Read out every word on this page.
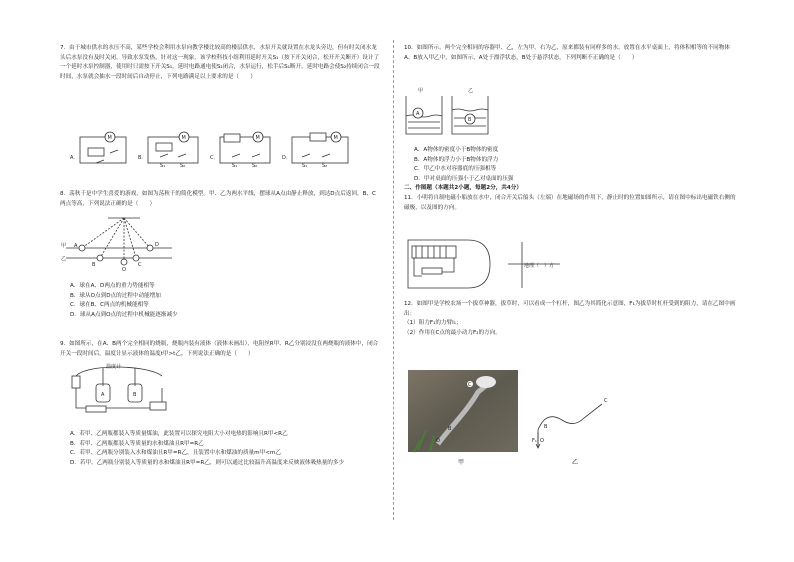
7．由于城市供水的水压不高，某些学校会利用水泵向教学楼比较高的楼层供水，水泵开关就设置在水龙头旁边，但有时关闭水龙头后水泵没有及时关闭，导致水泵发热，针对这一现象，该学校科技小组利用延时开关S₁（按下开关闭合，松开开关断开）设计了一个延时水泵控制器，使用时只需按下开关S₁，延时电路通电使S₂闭合，水泵运行，松手后S₁断开，延时电路会使S₂持续闭合一段时间，水泵就会抽水一段时间后自动停止，下列电路满足以上要求的是（　　）

A．
M
B．
M
S₁	S₂
C．
M
S₁	S₂
D．
M
S₁	S₂

8．荡秋千是中学生喜爱的游戏，如图为荡秋千的简化模型。甲、乙为两水平线，摆球从A点由静止释放，到达D点后返回，B、C两点等高，下列说法正确的是（　　）

甲
乙
A
B
O
C
D

A．球在A、D两点的重力势能相等

B．球从O点到D点的过程中动能增加

C．球在B、C两点的机械能相等

D．球从A点到O点的过程中机械能逐渐减少

9．如图所示，在A、B两个完全相同的烧瓶，烧瓶内装有液体（液体未画出），电阻丝R甲、R乙分别浸没在两烧瓶的液体中，闭合开关一段时间后，温度计显示液体的温度t甲>t乙，下列说法正确的是（　　）

温度计
A	B

A．若甲、乙两瓶都装入等质量煤油，此装置可以探究电阻大小对电热的影响且R甲<R乙

B．若甲、乙两瓶都装入等质量的水和煤油且R甲=R乙

C．若甲、乙两瓶分别装入水和煤油且R甲=R乙，且装置中水和煤油的质量m甲<m乙

D．若甲、乙两瓶分别装入等质量的水和煤油且R甲=R乙，则可以通过比较温升高温度来反映液体吸热量的多少

10．如图所示，两个完全相同的容器甲、乙，左为甲，右为乙，原来都装有同样多的水，放置在水平桌面上，将体积相等的不同物体A、B放入甲乙中，如图所示，A处于漂浮状态，B处于悬浮状态，下列判断不正确的是（　　）

甲	乙
A
B

A．A物体的密度小于B物体的密度

B．A物体的浮力小于B物体的浮力

C．甲乙中水对容器底的压强相等

D．甲对桌面的压强小于乙对桌面的压强

二、作图题（本题共2小题，每题2分，共4分）

11．小明将自制电磁小船放在水中，闭合开关后船头（左端）在地磁场的作用下，静止时的位置如图所示，请在图中标出电磁铁右侧的磁极，以及图的方向。

地理（　）方

12．如图甲是学校农场一个拔草神器，拔草时，可以看成一个杠杆，图乙为其简化示意图，F₁为拔草时杠杆受到的阻力，请在乙图中画出：

（1）阻力F₁的力臂l₁；

（2）作用在C点的最小动力F₂的方向。

C
B
O
甲
C
B
O
F₁
乙
